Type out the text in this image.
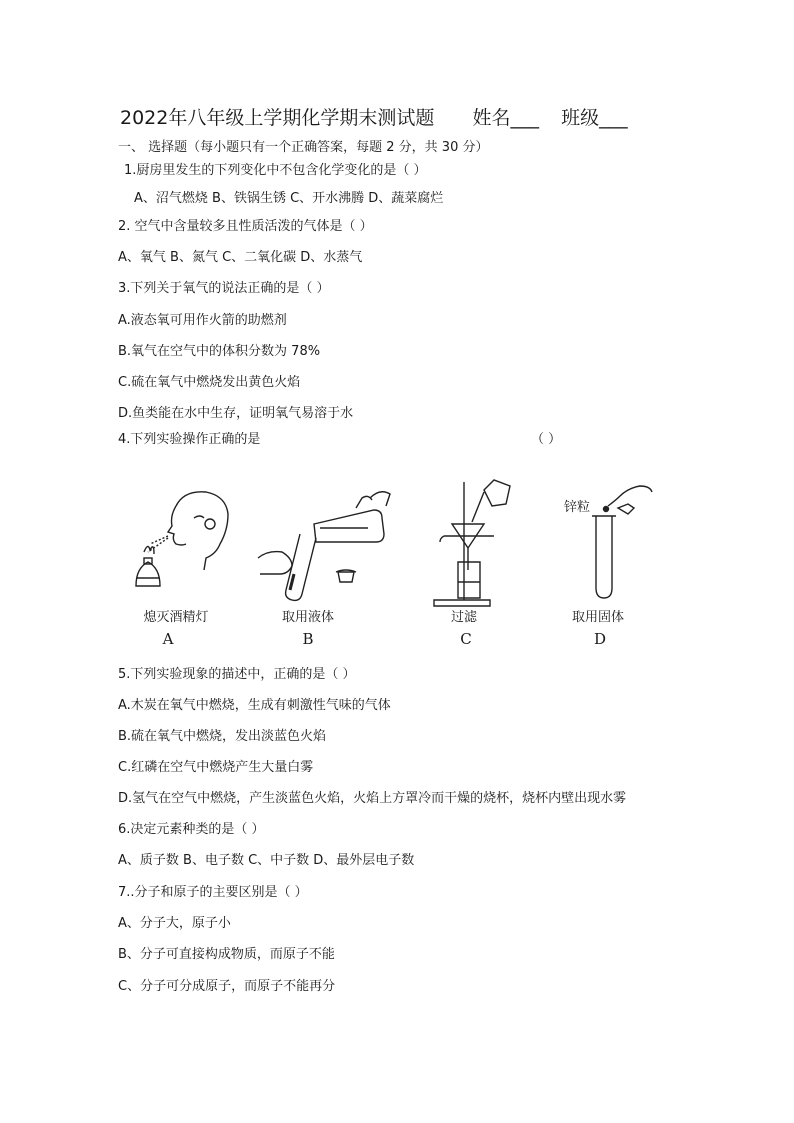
2022年八年级上学期化学期末测试题 姓名___ 班级___
一、 选择题（每小题只有一个正确答案，每题 2 分，共 30 分）
1.厨房里发生的下列变化中不包含化学变化的是（ ）
A、沼气燃烧 B、铁锅生锈 C、开水沸腾 D、蔬菜腐烂
2. 空气中含量较多且性质活泼的气体是（ ）
A、氧气 B、氮气 C、二氧化碳 D、水蒸气
3.下列关于氧气的说法正确的是（ ）
A.液态氧可用作火箭的助燃剂
B.氧气在空气中的体积分数为 78%
C.硫在氧气中燃烧发出黄色火焰
D.鱼类能在水中生存，证明氧气易溶于水
4.下列实验操作正确的是	（ ）
锌粒
熄灭酒精灯	取用液体	过滤	取用固体
A	B	C	D
5.下列实验现象的描述中，正确的是（ ）
A.木炭在氧气中燃烧，生成有刺激性气味的气体
B.硫在氧气中燃烧，发出淡蓝色火焰
C.红磷在空气中燃烧产生大量白雾
D.氢气在空气中燃烧，产生淡蓝色火焰，火焰上方罩冷而干燥的烧杯，烧杯内壁出现水雾
6.决定元素种类的是（ ）
A、质子数 B、电子数 C、中子数 D、最外层电子数
7..分子和原子的主要区别是（ ）
A、分子大，原子小
B、分子可直接构成物质，而原子不能
C、分子可分成原子，而原子不能再分
